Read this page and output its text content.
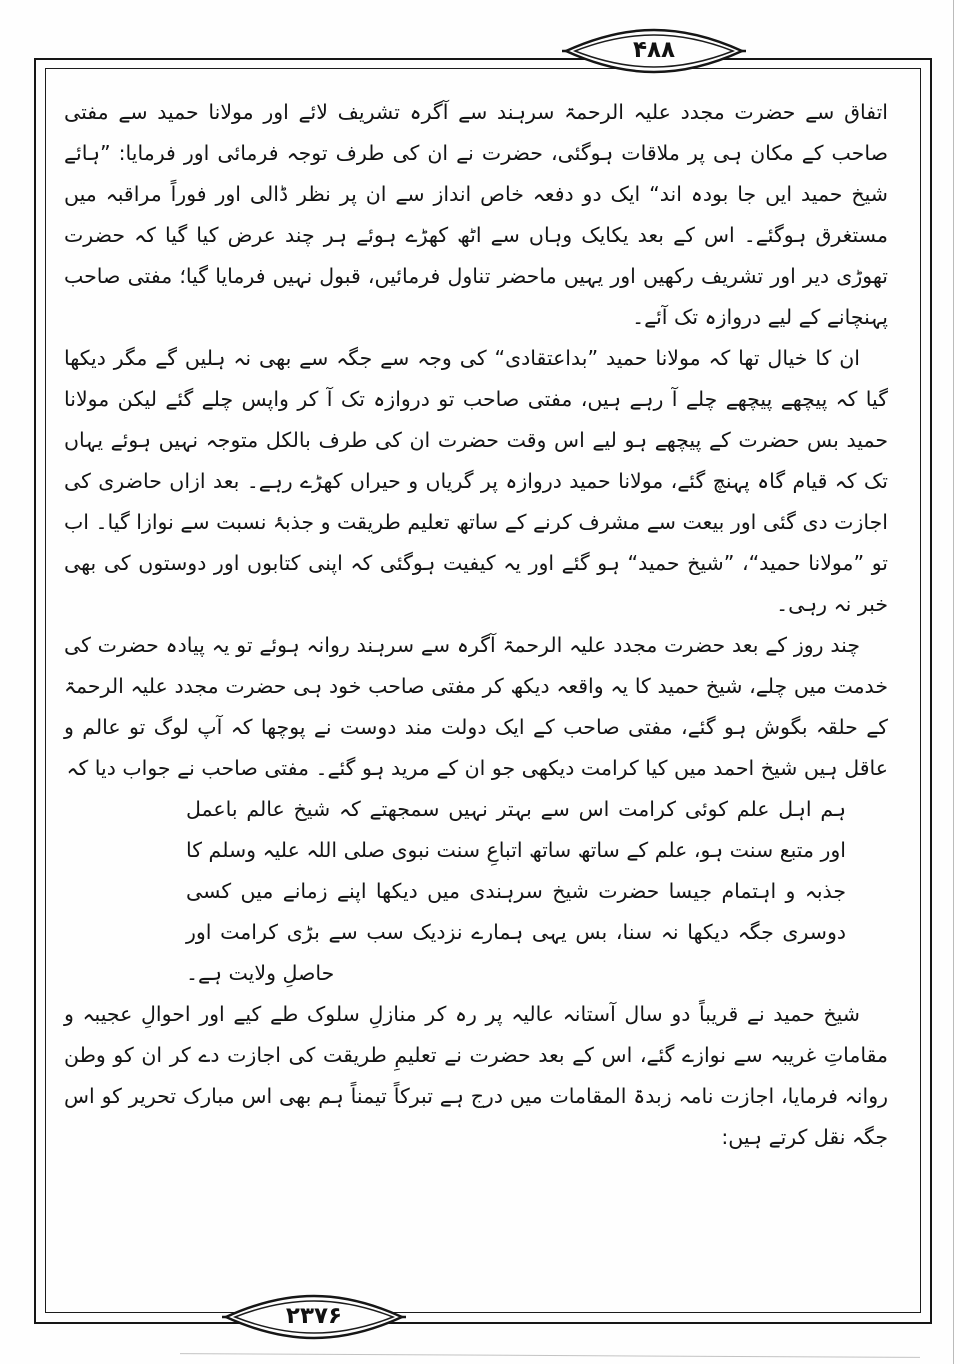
۴۸۸

اتفاق سے حضرت مجدد علیہ الرحمۃ سرہند سے آگرہ تشریف لائے اور مولانا حمید سے مفتی صاحب کے مکان ہی پر ملاقات ہوگئی، حضرت نے ان کی طرف توجہ فرمائی اور فرمایا: ”ہائے شیخ حمید ایں جا بودہ اند“ ایک دو دفعہ خاص انداز سے ان پر نظر ڈالی اور فوراً مراقبہ میں مستغرق ہوگئے۔ اس کے بعد یکایک وہاں سے اٹھ کھڑے ہوئے ہر چند عرض کیا گیا کہ حضرت تھوڑی دیر اور تشریف رکھیں اور یہیں ماحضر تناول فرمائیں، قبول نہیں فرمایا گیا؛ مفتی صاحب پہنچانے کے لیے دروازہ تک آئے۔

ان کا خیال تھا کہ مولانا حمید ”بداعتقادی“ کی وجہ سے جگہ سے بھی نہ ہلیں گے مگر دیکھا گیا کہ پیچھے پیچھے چلے آ رہے ہیں، مفتی صاحب تو دروازہ تک آ کر واپس چلے گئے لیکن مولانا حمید بس حضرت کے پیچھے ہو لیے اس وقت حضرت ان کی طرف بالکل متوجہ نہیں ہوئے یہاں تک کہ قیام گاہ پہنچ گئے، مولانا حمید دروازہ پر گریاں و حیراں کھڑے رہے۔ بعد ازاں حاضری کی اجازت دی گئی اور بیعت سے مشرف کرنے کے ساتھ تعلیم طریقت و جذبۂ نسبت سے نوازا گیا۔ اب تو ”مولانا حمید“، ”شیخ حمید“ ہو گئے اور یہ کیفیت ہوگئی کہ اپنی کتابوں اور دوستوں کی بھی خبر نہ رہی۔

چند روز کے بعد حضرت مجدد علیہ الرحمۃ آگرہ سے سرہند روانہ ہوئے تو یہ پیادہ حضرت کی خدمت میں چلے، شیخ حمید کا یہ واقعہ دیکھ کر مفتی صاحب خود ہی حضرت مجدد علیہ الرحمۃ کے حلقہ بگوش ہو گئے، مفتی صاحب کے ایک دولت مند دوست نے پوچھا کہ آپ لوگ تو عالم و عاقل ہیں شیخ احمد میں کیا کرامت دیکھی جو ان کے مرید ہو گئے۔ مفتی صاحب نے جواب دیا کہ

ہم اہل علم کوئی کرامت اس سے بہتر نہیں سمجھتے کہ شیخ عالم باعمل اور متبع سنت ہو، علم کے ساتھ ساتھ اتباعِ سنت نبوی صلی اللہ علیہ وسلم کا جذبہ و اہتمام جیسا حضرت شیخ سرہندی میں دیکھا اپنے زمانے میں کسی دوسری جگہ دیکھا نہ سنا، بس یہی ہمارے نزدیک سب سے بڑی کرامت اور حاصلِ ولایت ہے۔

شیخ حمید نے قریباً دو سال آستانہ عالیہ پر رہ کر منازلِ سلوک طے کیے اور احوالِ عجیبہ و مقاماتِ غریبہ سے نوازے گئے، اس کے بعد حضرت نے تعلیمِ طریقت کی اجازت دے کر ان کو وطن روانہ فرمایا، اجازت نامہ زبدۃ المقامات میں درج ہے تبرکاً تیمناً ہم بھی اس مبارک تحریر کو اس جگہ نقل کرتے ہیں:

۲۳۷۶
